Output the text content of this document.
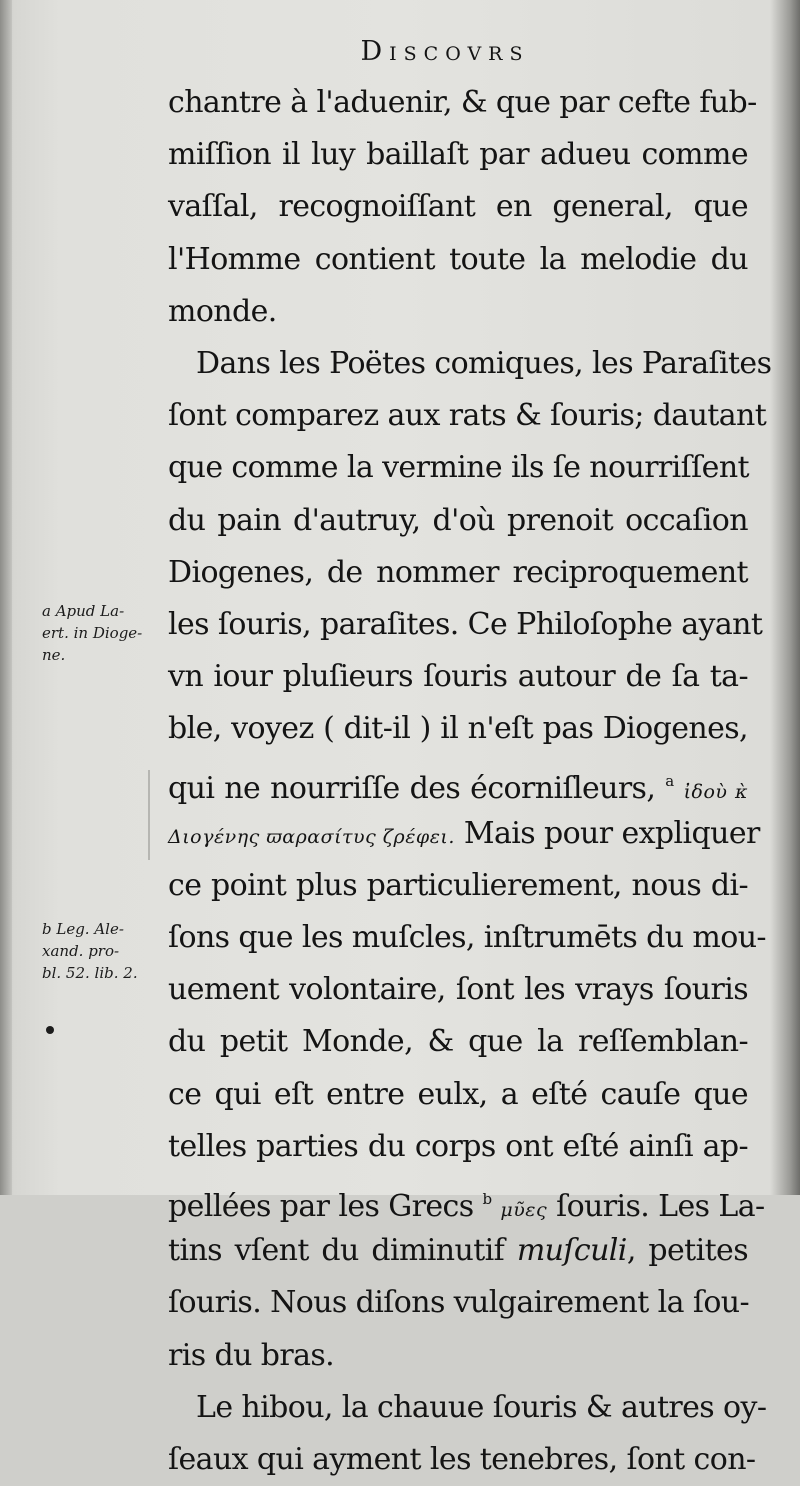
Discovrs
chantre à l'aduenir, & que par cefte fub-
miſſion il luy baillaſt par adueu comme
vaſſal, recognoiſſant en general, que
l'Homme contient toute la melodie du
monde.
Dans les Poëtes comiques, les Paraſites
ſont comparez aux rats & ſouris; dautant
que comme la vermine ils ſe nourriſſent
du pain d'autruy, d'où prenoit occaſion
Diogenes, de nommer reciproquement
les ſouris, paraſites. Ce Philoſophe ayant
vn iour pluſieurs ſouris autour de ſa ta-
ble, voyez ( dit-il ) il n'eſt pas Diogenes,
qui ne nourriſſe des écorniſleurs, $^a$ ἰδοὺ κ̀
Διογένης ϖαρασίτυς ζρέφει. Mais pour expliquer
ce point plus particulierement, nous di-
ſons que les muſcles, inſtrumēts du mou-
uement volontaire, ſont les vrays ſouris
du petit Monde, & que la reſſemblan-
ce qui eſt entre eulx, a eſté cauſe que
telles parties du corps ont eſté ainſi ap-
pellées par les Grecs $^b$ μῦες ſouris. Les La-
tins vſent du diminutif muſculi, petites
ſouris. Nous diſons vulgairement la ſou-
ris du bras.
Le hibou, la chauue ſouris & autres oy-
ſeaux qui ayment les tenebres, ſont con-
a Apud La-
ert. in Dioge-
ne.
b Leg. Ale-
xand. pro-
bl. 52. lib. 2.
